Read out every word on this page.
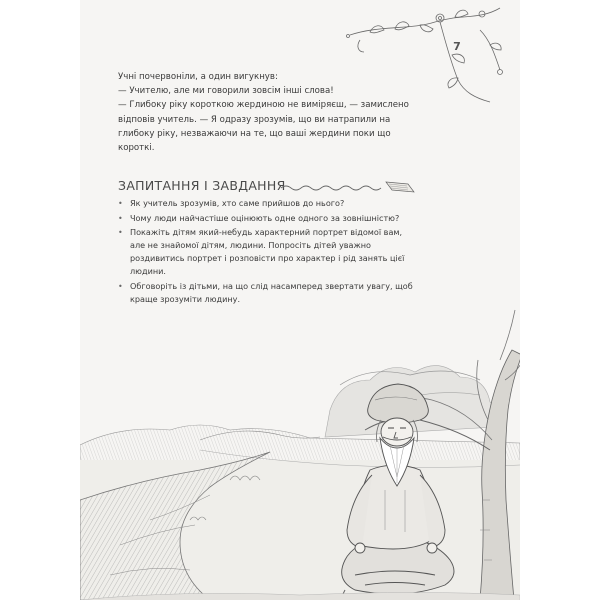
7

Учні почервоніли, а один вигукнув:

— Учителю, але ми говорили зовсім інші слова!

— Глибоку ріку короткою жердиною не виміряєш, — замислено відповів учитель. — Я одразу зрозумів, що ви натрапили на глибоку ріку, незважаючи на те, що ваші жердини поки що короткі.

ЗАПИТАННЯ І ЗАВДАННЯ
• Як учитель зрозумів, хто саме прийшов до нього?
• Чому люди найчастіше оцінюють одне одного за зовнішністю?
• Покажіть дітям який-небудь характерний портрет відомої вам, але не знайомої дітям, людини. Попросіть дітей уважно роздивитись портрет і розповісти про характер і рід занять цієї людини.
• Обговоріть із дітьми, на що слід насамперед звертати увагу, щоб краще зрозуміти людину.
